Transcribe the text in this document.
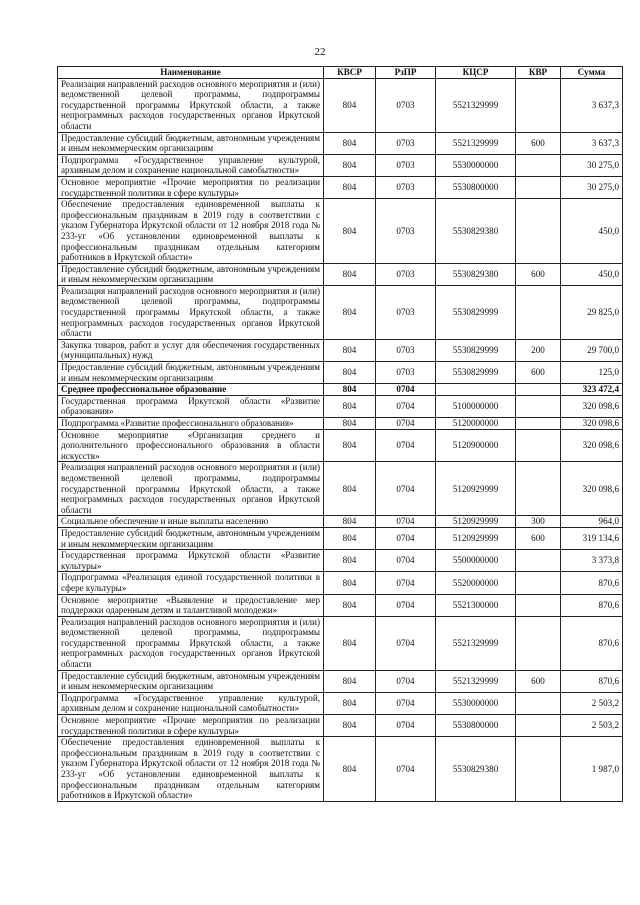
22
Наименование	КВСР	РзПР	КЦСР	КВР	Сумма
Реализация направлений расходов основного мероприятия и (или) ведомственной целевой программы, подпрограммы государственной программы Иркутской области, а также непрограммных расходов государственных органов Иркутской области	804	0703	5521329999		3 637,3
Предоставление субсидий бюджетным, автономным учреждениям и иным некоммерческим организациям	804	0703	5521329999	600	3 637,3
Подпрограмма «Государственное управление культурой, архивным делом и сохранение национальной самобытности»	804	0703	5530000000		30 275,0
Основное мероприятие «Прочие мероприятия по реализации государственной политики в сфере культуры»	804	0703	5530800000		30 275,0
Обеспечение предоставления единовременной выплаты к профессиональным праздникам в 2019 году в соответствии с указом Губернатора Иркутской области от 12 ноября 2018 года № 233-уг «Об установлении единовременной выплаты к профессиональным праздникам отдельным категориям работников в Иркутской области»	804	0703	5530829380		450,0
Предоставление субсидий бюджетным, автономным учреждениям и иным некоммерческим организациям	804	0703	5530829380	600	450,0
Реализация направлений расходов основного мероприятия и (или) ведомственной целевой программы, подпрограммы государственной программы Иркутской области, а также непрограммных расходов государственных органов Иркутской области	804	0703	5530829999		29 825,0
Закупка товаров, работ и услуг для обеспечения государственных (муниципальных) нужд	804	0703	5530829999	200	29 700,0
Предоставление субсидий бюджетным, автономным учреждениям и иным некоммерческим организациям	804	0703	5530829999	600	125,0
Среднее профессиональное образование	804	0704			323 472,4
Государственная программа Иркутской области «Развитие образования»	804	0704	5100000000		320 098,6
Подпрограмма «Развитие профессионального образования»	804	0704	5120000000		320 098,6
Основное мероприятие «Организация среднего и дополнительного профессионального образования в области искусств»	804	0704	5120900000		320 098,6
Реализация направлений расходов основного мероприятия и (или) ведомственной целевой программы, подпрограммы государственной программы Иркутской области, а также непрограммных расходов государственных органов Иркутской области	804	0704	5120929999		320 098,6
Социальное обеспечение и иные выплаты населению	804	0704	5120929999	300	964,0
Предоставление субсидий бюджетным, автономным учреждениям и иным некоммерческим организациям	804	0704	5120929999	600	319 134,6
Государственная программа Иркутской области «Развитие культуры»	804	0704	5500000000		3 373,8
Подпрограмма «Реализация единой государственной политики в сфере культуры»	804	0704	5520000000		870,6
Основное мероприятие «Выявление и предоставление мер поддержки одаренным детям и талантливой молодежи»	804	0704	5521300000		870,6
Реализация направлений расходов основного мероприятия и (или) ведомственной целевой программы, подпрограммы государственной программы Иркутской области, а также непрограммных расходов государственных органов Иркутской области	804	0704	5521329999		870,6
Предоставление субсидий бюджетным, автономным учреждениям и иным некоммерческим организациям	804	0704	5521329999	600	870,6
Подпрограмма «Государственное управление культурой, архивным делом и сохранение национальной самобытности»	804	0704	5530000000		2 503,2
Основное мероприятие «Прочие мероприятия по реализации государственной политики в сфере культуры»	804	0704	5530800000		2 503,2
Обеспечение предоставления единовременной выплаты к профессиональным праздникам в 2019 году в соответствии с указом Губернатора Иркутской области от 12 ноября 2018 года № 233-уг «Об установлении единовременной выплаты к профессиональным праздникам отдельным категориям работников в Иркутской области»	804	0704	5530829380		1 987,0
